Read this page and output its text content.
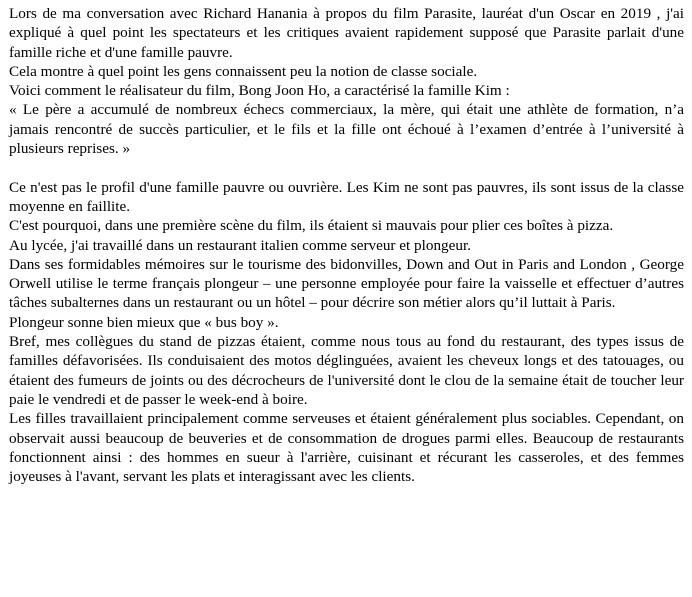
Lors de ma conversation avec Richard Hanania à propos du film Parasite, lauréat d'un Oscar en 2019 , j'ai expliqué à quel point les spectateurs et les critiques avaient rapidement supposé que Parasite parlait d'une famille riche et d'une famille pauvre.

Cela montre à quel point les gens connaissent peu la notion de classe sociale.

Voici comment le réalisateur du film, Bong Joon Ho, a caractérisé la famille Kim :

« Le père a accumulé de nombreux échecs commerciaux, la mère, qui était une athlète de formation, n’a jamais rencontré de succès particulier, et le fils et la fille ont échoué à l’examen d’entrée à l’université à plusieurs reprises. »

Ce n'est pas le profil d'une famille pauvre ou ouvrière. Les Kim ne sont pas pauvres, ils sont issus de la classe moyenne en faillite.

C'est pourquoi, dans une première scène du film, ils étaient si mauvais pour plier ces boîtes à pizza.

Au lycée, j'ai travaillé dans un restaurant italien comme serveur et plongeur.

Dans ses formidables mémoires sur le tourisme des bidonvilles, Down and Out in Paris and London , George Orwell utilise le terme français plongeur – une personne employée pour faire la vaisselle et effectuer d’autres tâches subalternes dans un restaurant ou un hôtel – pour décrire son métier alors qu’il luttait à Paris.

Plongeur sonne bien mieux que « bus boy ».

Bref, mes collègues du stand de pizzas étaient, comme nous tous au fond du restaurant, des types issus de familles défavorisées. Ils conduisaient des motos déglinguées, avaient les cheveux longs et des tatouages, ou étaient des fumeurs de joints ou des décrocheurs de l'université dont le clou de la semaine était de toucher leur paie le vendredi et de passer le week-end à boire.

Les filles travaillaient principalement comme serveuses et étaient généralement plus sociables. Cependant, on observait aussi beaucoup de beuveries et de consommation de drogues parmi elles. Beaucoup de restaurants fonctionnent ainsi : des hommes en sueur à l'arrière, cuisinant et récurant les casseroles, et des femmes joyeuses à l'avant, servant les plats et interagissant avec les clients.
